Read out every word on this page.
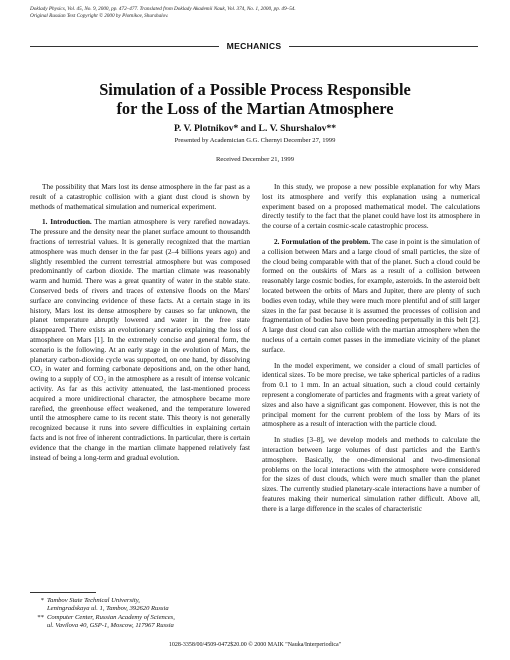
Doklady Physics, Vol. 45, No. 9, 2000, pp. 472–477. Translated from Doklady Akademii Nauk, Vol. 374, No. 1, 2000, pp. 49–54.
Original Russian Text Copyright © 2000 by Plotnikov, Shurshalov.
MECHANICS
Simulation of a Possible Process Responsible
for the Loss of the Martian Atmosphere
P. V. Plotnikov* and L. V. Shurshalov**
Presented by Academician G.G. Chernyi December 27, 1999
Received December 21, 1999

The possibility that Mars lost its dense atmosphere in the far past as a result of a catastrophic collision with a giant dust cloud is shown by methods of mathematical simulation and numerical experiment.

1. Introduction. The martian atmosphere is very rarefied nowadays. The pressure and the density near the planet surface amount to thousandth fractions of terrestrial values. It is generally recognized that the martian atmosphere was much denser in the far past (2–4 billions years ago) and slightly resembled the current terrestrial atmosphere but was composed predominantly of carbon dioxide. The martian climate was reasonably warm and humid. There was a great quantity of water in the stable state. Conserved beds of rivers and traces of extensive floods on the Mars' surface are convincing evidence of these facts. At a certain stage in its history, Mars lost its dense atmosphere by causes so far unknown, the planet temperature abruptly lowered and water in the free state disappeared. There exists an evolutionary scenario explaining the loss of atmosphere on Mars [1]. In the extremely concise and general form, the scenario is the following. At an early stage in the evolution of Mars, the planetary carbon-dioxide cycle was supported, on one hand, by dissolving CO₂ in water and forming carbonate depositions and, on the other hand, owing to a supply of CO₂ in the atmosphere as a result of intense volcanic activity. As far as this activity attenuated, the last-mentioned process acquired a more unidirectional character, the atmosphere became more rarefied, the greenhouse effect weakened, and the temperature lowered until the atmosphere came to its recent state. This theory is not generally recognized because it runs into severe difficulties in explaining certain facts and is not free of inherent contradictions. In particular, there is certain evidence that the change in the martian climate happened relatively fast instead of being a long-term and gradual evolution.

In this study, we propose a new possible explanation for why Mars lost its atmosphere and verify this explanation using a numerical experiment based on a proposed mathematical model. The calculations directly testify to the fact that the planet could have lost its atmosphere in the course of a certain cosmic-scale catastrophic process.

2. Formulation of the problem. The case in point is the simulation of a collision between Mars and a large cloud of small particles, the size of the cloud being comparable with that of the planet. Such a cloud could be formed on the outskirts of Mars as a result of a collision between reasonably large cosmic bodies, for example, asteroids. In the asteroid belt located between the orbits of Mars and Jupiter, there are plenty of such bodies even today, while they were much more plentiful and of still larger sizes in the far past because it is assumed the processes of collision and fragmentation of bodies have been proceeding perpetually in this belt [2]. A large dust cloud can also collide with the martian atmosphere when the nucleus of a certain comet passes in the immediate vicinity of the planet surface.

In the model experiment, we consider a cloud of small particles of identical sizes. To be more precise, we take spherical particles of a radius from 0.1 to 1 mm. In an actual situation, such a cloud could certainly represent a conglomerate of particles and fragments with a great variety of sizes and also have a significant gas component. However, this is not the principal moment for the current problem of the loss by Mars of its atmosphere as a result of interaction with the particle cloud.

In studies [3–8], we develop models and methods to calculate the interaction between large volumes of dust particles and the Earth's atmosphere. Basically, the one-dimensional and two-dimensional problems on the local interactions with the atmosphere were considered for the sizes of dust clouds, which were much smaller than the planet sizes. The currently studied planetary-scale interactions have a number of features making their numerical simulation rather difficult. Above all, there is a large difference in the scales of characteristic

* Tambov State Technical University,
Leningradskaya ul. 1, Tambov, 392620 Russia
** Computer Center, Russian Academy of Sciences,
ul. Vavilova 40, GSP-1, Moscow, 117967 Russia
1028-3358/00/4509-0472$20.00 © 2000 MAIK "Nauka/Interperiodica"
